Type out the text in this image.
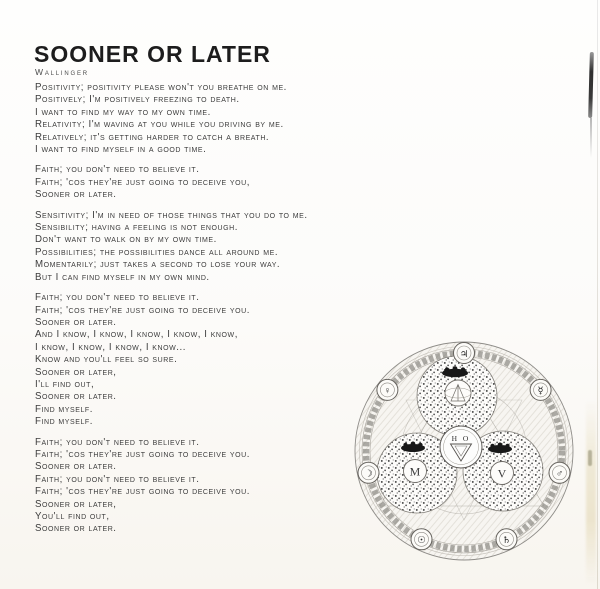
SOONER OR LATER
Wallinger
Positivity; positivity please won't you breathe on me.
Positively; I'm positively freezing to death.
I want to find my way to my own time.
Relativity; I'm waving at you while you driving by me.
Relatively; it's getting harder to catch a breath.
I want to find myself in a good time.
Faith; you don't need to believe it.
Faith; 'cos they're just going to deceive you,
Sooner or later.
Sensitivity; I'm in need of those things that you do to me.
Sensibility; having a feeling is not enough.
Don't want to walk on by my own time.
Possibilities; the possibilities dance all around me.
Momentarily; just takes a second to lose your way.
But I can find myself in my own mind.
Faith; you don't need to believe it.
Faith; 'cos they're just going to deceive you.
Sooner or later.
And I know, I know, I know, I know, I know,
I know, I know, I know, I know...
Know and you'll feel so sure.
Sooner or later,
I'll find out,
Sooner or later.
Find myself.
Find myself.
Faith; you don't need to believe it.
Faith; 'cos they're just going to deceive you.
Sooner or later.
Faith; you don't need to believe it.
Faith; 'cos they're just going to deceive you.
Sooner or later,
You'll find out,
Sooner or later.
M	V
H O
♃
☿
♂
♄
☉
☽
♀
